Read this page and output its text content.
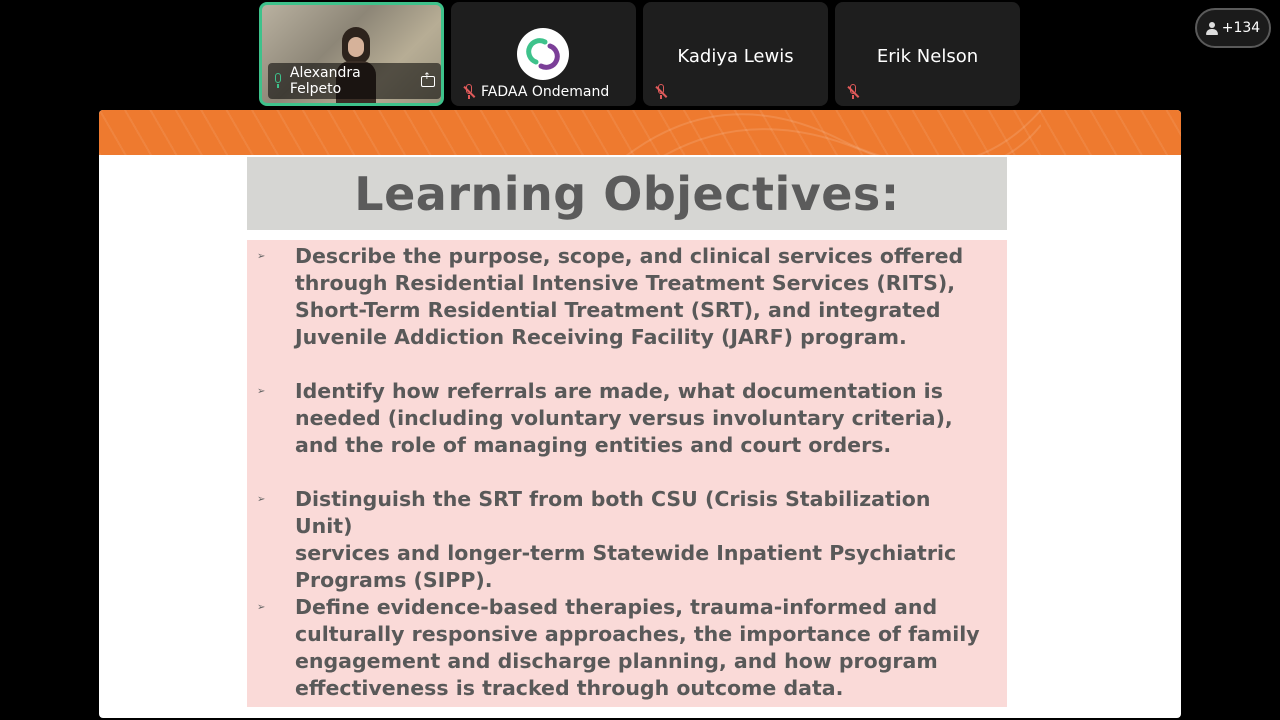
Alexandra Felpeto
↑	FADAA Ondemand
Kadiya Lewis	Erik Nelson
+134
Learning Objectives:
➢ Describe the purpose, scope, and clinical services offered
through Residential Intensive Treatment Services (RITS),
Short-Term Residential Treatment (SRT), and integrated
Juvenile Addiction Receiving Facility (JARF) program.
➢ Identify how referrals are made, what documentation is
needed (including voluntary versus involuntary criteria),
and the role of managing entities and court orders.
➢ Distinguish the SRT from both CSU (Crisis Stabilization Unit)
services and longer-term Statewide Inpatient Psychiatric
Programs (SIPP).
➢ Define evidence-based therapies, trauma-informed and
culturally responsive approaches, the importance of family
engagement and discharge planning, and how program
effectiveness is tracked through outcome data.
